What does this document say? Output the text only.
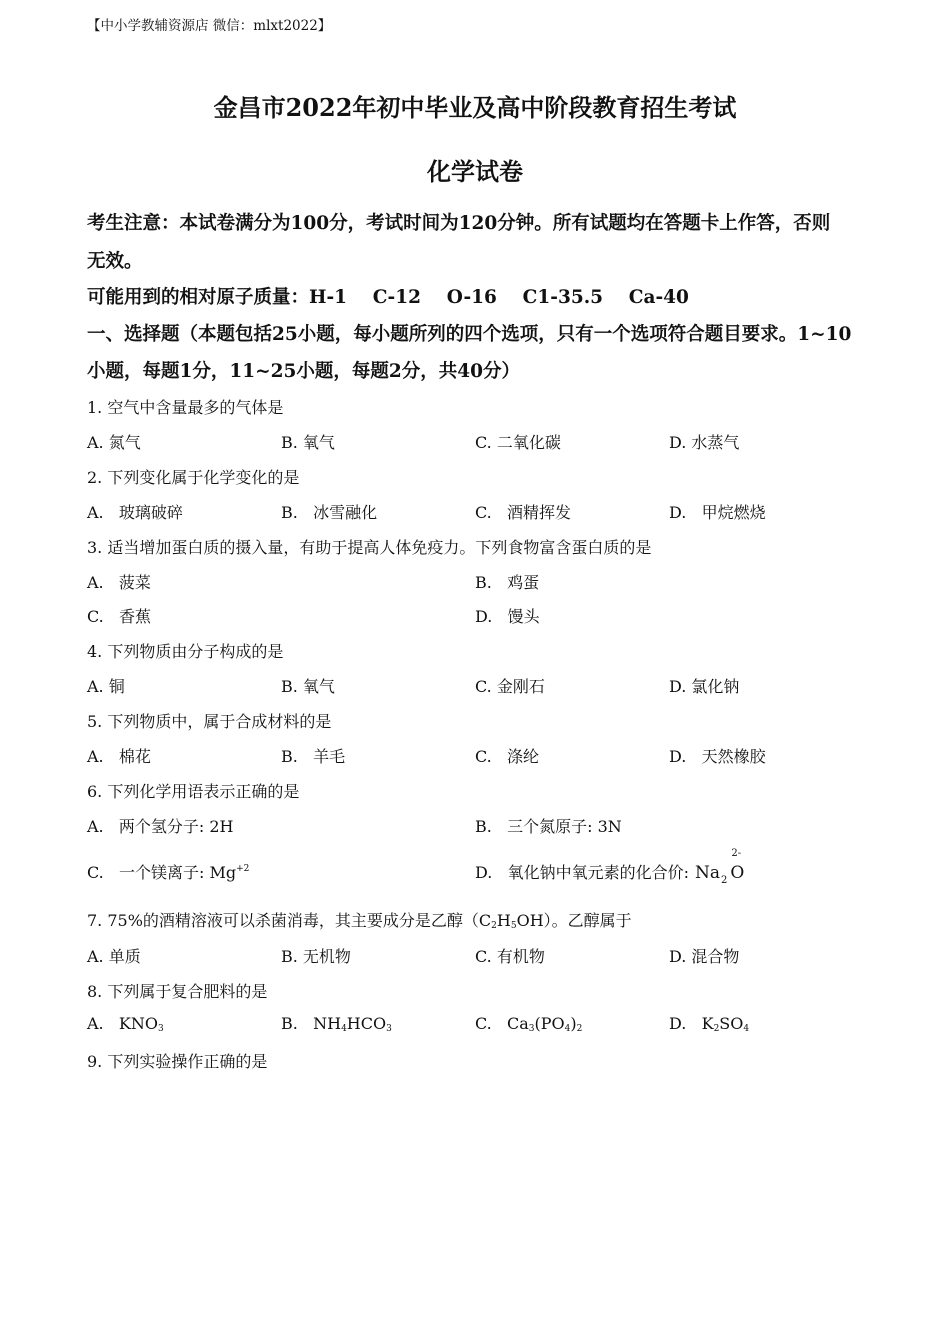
【中小学教辅资源店 微信：mlxt2022】
金昌市2022年初中毕业及高中阶段教育招生考试
化学试卷
考生注意：本试卷满分为100分，考试时间为120分钟。所有试题均在答题卡上作答，否则
无效。
可能用到的相对原子质量：H-1    C-12    O-16    C1-35.5    Ca-40
一、选择题（本题包括25小题，每小题所列的四个选项，只有一个选项符合题目要求。1~10
小题，每题1分，11~25小题，每题2分，共40分）
1. 空气中含量最多的气体是
A. 氮气	B. 氧气	C. 二氧化碳	D. 水蒸气
2. 下列变化属于化学变化的是
A.   玻璃破碎	B.   冰雪融化	C.   酒精挥发	D.   甲烷燃烧
3. 适当增加蛋白质的摄入量，有助于提高人体免疫力。下列食物富含蛋白质的是
A.   菠菜	B.   鸡蛋
C.   香蕉	D.   馒头
4. 下列物质由分子构成的是
A. 铜	B. 氧气	C. 金刚石	D. 氯化钠
5. 下列物质中，属于合成材料的是
A.   棉花	B.   羊毛	C.   涤纶	D.   天然橡胶
6. 下列化学用语表示正确的是
A.   两个氢分子: 2H	B.   三个氮原子: 3N
C.   一个镁离子: $Mg^{+2}$	D.   氧化钠中氧元素的化合价: $Na_2$ O
2-
7. 75%的酒精溶液可以杀菌消毒，其主要成分是乙醇$(C_2H_5OH)$。乙醇属于
A. 单质	B. 无机物	C. 有机物	D. 混合物
8. 下列属于复合肥料的是
A.   $KNO_3$	B.   $NH_4HCO_3$	C.   $Ca_3(PO_4)_2$	D.   $K_2SO_4$
9. 下列实验操作正确的是
